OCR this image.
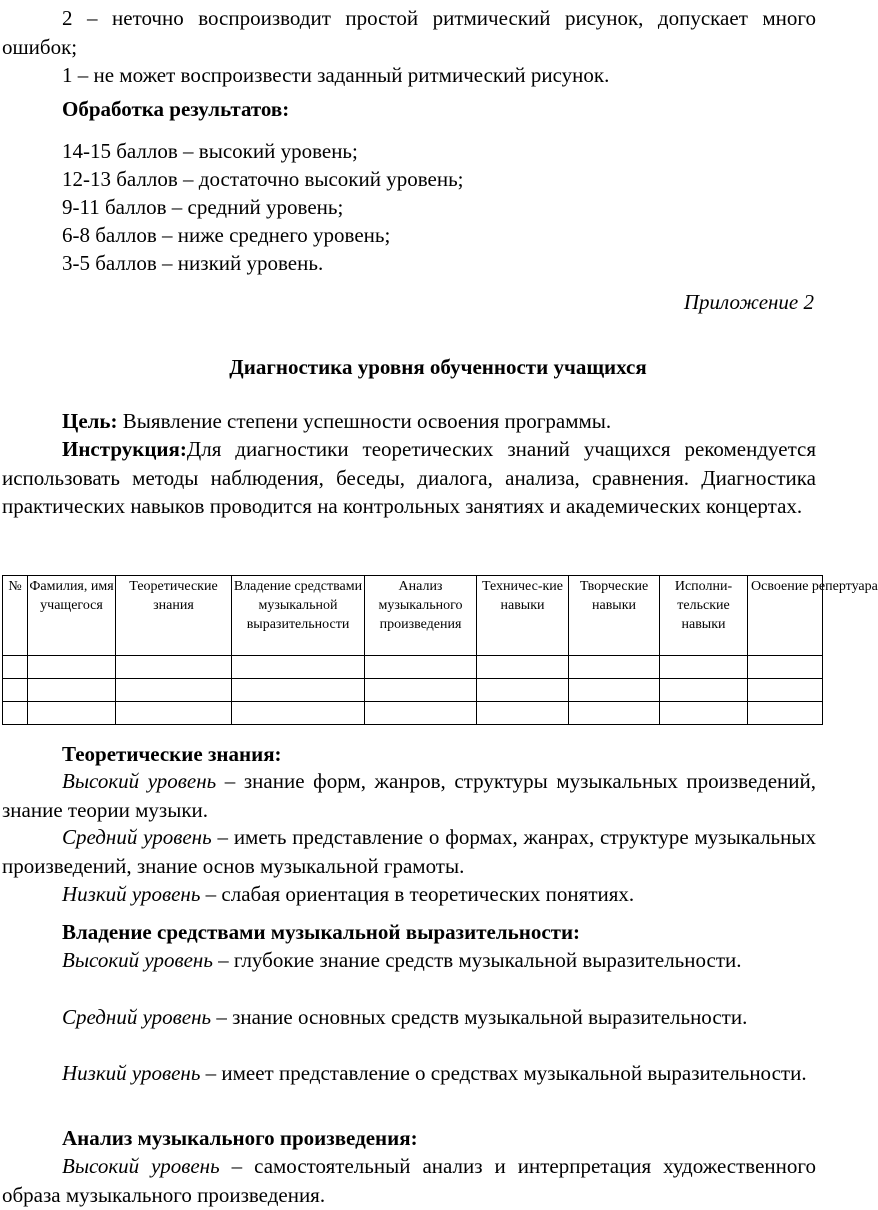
2 – неточно воспроизводит простой ритмический рисунок, допускает много ошибок;
1 – не может воспроизвести заданный ритмический рисунок.
Обработка результатов:
14-15 баллов – высокий уровень;
12-13 баллов – достаточно высокий уровень;
9-11 баллов – средний уровень;
6-8 баллов – ниже среднего уровень;
3-5 баллов – низкий уровень.
Приложение 2
Диагностика уровня обученности учащихся
Цель: Выявление степени успешности освоения программы.
Инструкция:Для диагностики теоретических знаний учащихся рекомендуется использовать методы наблюдения, беседы, диалога, анализа, сравнения. Диагностика практических навыков проводится на контрольных занятиях и академических концертах.
№	Фамилия, имя учащегося	Теоретические знания	Владение средствами музыкальной выразительности	Анализ музыкального произведения	Техничес-кие навыки	Творческие навыки	Исполни-тельские навыки	Освоение репертуара

Теоретические знания:
Высокий уровень – знание форм, жанров, структуры музыкальных произведений, знание теории музыки.
Средний уровень – иметь представление о формах, жанрах, структуре музыкальных произведений, знание основ музыкальной грамоты.
Низкий уровень – слабая ориентация в теоретических понятиях.
Владение средствами музыкальной выразительности:
Высокий уровень – глубокие знание средств музыкальной выразительности.
Средний уровень – знание основных средств музыкальной выразительности.
Низкий уровень – имеет представление о средствах музыкальной выразительности.
Анализ музыкального произведения:
Высокий уровень – самостоятельный анализ и интерпретация художественного образа музыкального произведения.
